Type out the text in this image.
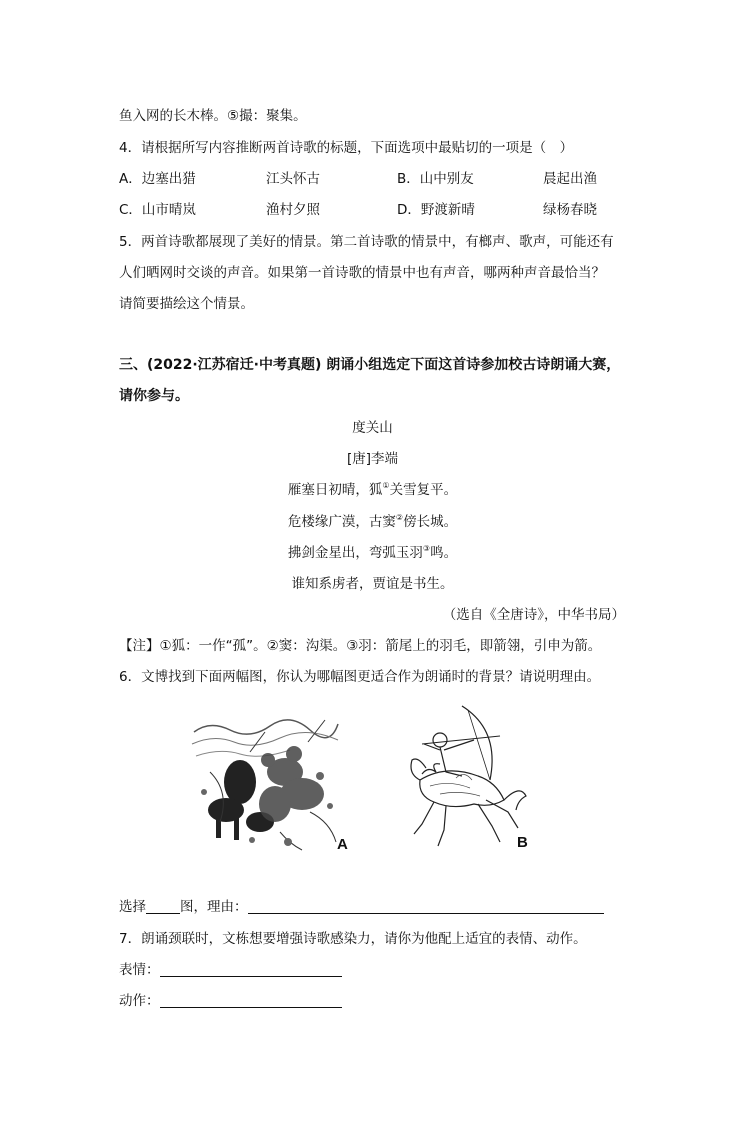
鱼入网的长木棒。⑤撮：聚集。
4．请根据所写内容推断两首诗歌的标题，下面选项中最贴切的一项是（　）
A．边塞出猎	江头怀古	B．山中别友	晨起出渔
C．山市晴岚	渔村夕照	D．野渡新晴	绿杨春晓
5．两首诗歌都展现了美好的情景。第二首诗歌的情景中，有榔声、歌声，可能还有
人们晒网时交谈的声音。如果第一首诗歌的情景中也有声音，哪两种声音最恰当？
请简要描绘这个情景。
三、(2022·江苏宿迁·中考真题) 朗诵小组选定下面这首诗参加校古诗朗诵大赛，
请你参与。
度关山
[唐]李端
雁塞日初晴，狐①关雪复平。
危楼缘广漠，古窦②傍长城。
拂剑金星出，弯弧玉羽③鸣。
谁知系虏者，贾谊是书生。
（选自《全唐诗》，中华书局）
【注】①狐：一作“孤”。②窦：沟渠。③羽：箭尾上的羽毛，即箭翎，引申为箭。
6．文博找到下面两幅图，你认为哪幅图更适合作为朗诵时的背景？请说明理由。
A	B
选择	图，理由：
7．朗诵颈联时，文栋想要增强诗歌感染力，请你为他配上适宜的表情、动作。
表情：
动作：
